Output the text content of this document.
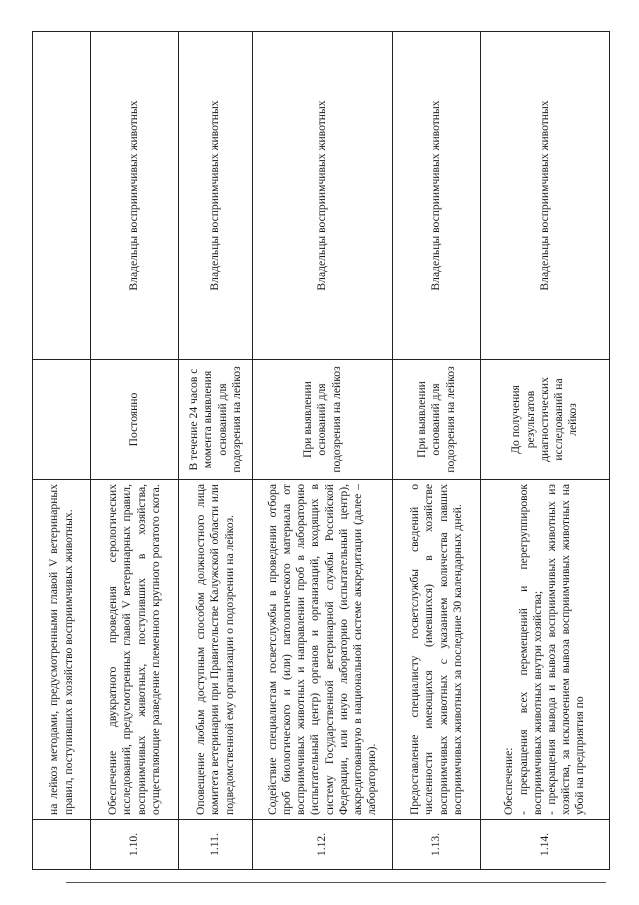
	на лейкоз методами, предусмотренными главой V ветеринарных правил, поступивших в хозяйство восприимчивых животных.		
1.10.	Обеспечение двукратного проведения серологических исследований, предусмотренных главой V ветеринарных правил, восприимчивых животных, поступивших в хозяйства, осуществляющие разведение племенного крупного рогатого скота.	Постоянно	Владельцы восприимчивых животных
1.11.	Оповещение любым доступным способом должностного лица комитета ветеринарии при Правительстве Калужской области или подведомственной ему организации о подозрении на лейкоз.	В течение 24 часов с момента выявления оснований для подозрения на лейкоз	Владельцы восприимчивых животных
1.12.	Содействие специалистам госветслужбы в проведении отбора проб биологического и (или) патологического материала от восприимчивых животных и направлении проб в лабораторию (испытательный центр) органов и организаций, входящих в систему Государственной ветеринарной службы Российской Федерации, или иную лабораторию (испытательный центр), аккредитованную в национальной системе аккредитации (далее – лабораторию).	При выявлении оснований для подозрения на лейкоз	Владельцы восприимчивых животных
1.13.	Предоставление специалисту госветслужбы сведений о численности имеющихся (имевшихся) в хозяйстве восприимчивых животных с указанием количества павших восприимчивых животных за последние 30 календарных дней.	При выявлении оснований для подозрения на лейкоз	Владельцы восприимчивых животных
1.14.	Обеспечение: - прекращения всех перемещений и перегруппировок восприимчивых животных внутри хозяйства; - прекращения вывода и вывоза восприимчивых животных из хозяйства, за исключением вывоза восприимчивых животных на убой на предприятия по	До получения результатов диагностических исследований на лейкоз	Владельцы восприимчивых животных
